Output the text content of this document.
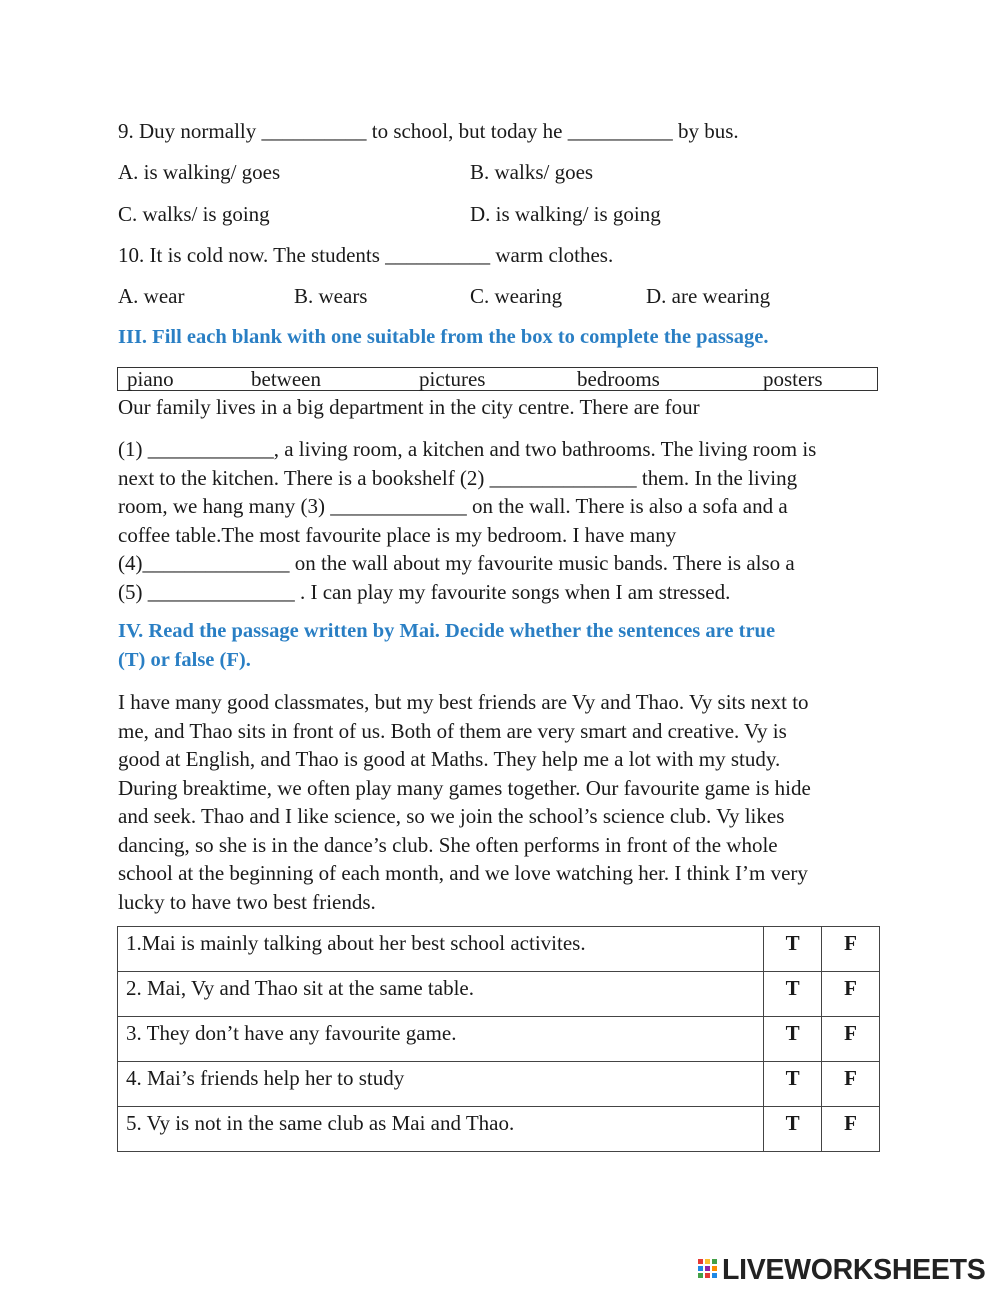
9. Duy normally __________ to school, but today he __________ by bus.
A. is walking/ goes	B. walks/ goes
C. walks/ is going	D. is walking/ is going
10. It is cold now. The students __________ warm clothes.
A. wear	B. wears	C. wearing	D. are wearing
III. Fill each blank with one suitable from the box to complete the passage.
piano	between	pictures	bedrooms	posters
Our family lives in a big department in the city centre. There are four
(1) ____________, a living room, a kitchen and two bathrooms. The living room is
next to the kitchen. There is a bookshelf (2) ______________ them. In the living
room, we hang many (3) _____________ on the wall. There is also a sofa and a
coffee table.The most favourite place is my bedroom. I have many
(4)______________ on the wall about my favourite music bands. There is also a
(5) ______________ . I can play my favourite songs when I am stressed.
IV. Read the passage written by Mai. Decide whether the sentences are true
(T) or false (F).
I have many good classmates, but my best friends are Vy and Thao. Vy sits next to
me, and Thao sits in front of us. Both of them are very smart and creative. Vy is
good at English, and Thao is good at Maths. They help me a lot with my study.
During breaktime, we often play many games together. Our favourite game is hide
and seek. Thao and I like science, so we join the school’s science club. Vy likes
dancing, so she is in the dance’s club. She often performs in front of the whole
school at the beginning of each month, and we love watching her. I think I’m very
lucky to have two best friends.
1.Mai is mainly talking about her best school activites.	T	F
2. Mai, Vy and Thao sit at the same table.	T	F
3. They don’t have any favourite game.	T	F
4. Mai’s friends help her to study	T	F
5. Vy is not in the same club as Mai and Thao.	T	F
LIVEWORKSHEETS
